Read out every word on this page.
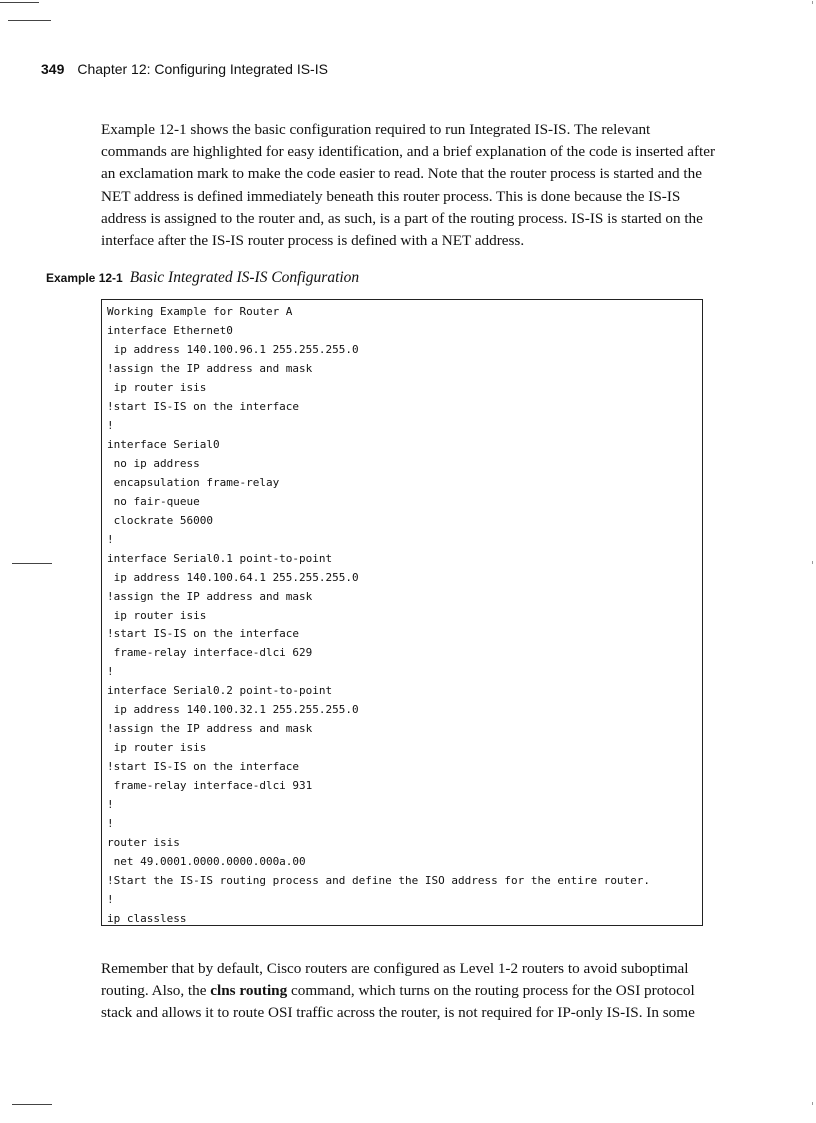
349 Chapter 12: Configuring Integrated IS-IS

Example 12-1 shows the basic configuration required to run Integrated IS-IS. The relevant
commands are highlighted for easy identification, and a brief explanation of the code is inserted after
an exclamation mark to make the code easier to read. Note that the router process is started and the
NET address is defined immediately beneath this router process. This is done because the IS-IS
address is assigned to the router and, as such, is a part of the routing process. IS-IS is started on the
interface after the IS-IS router process is defined with a NET address.

Example 12-1 Basic Integrated IS-IS Configuration
Working Example for Router A
interface Ethernet0
ip address 140.100.96.1 255.255.255.0
!assign the IP address and mask
ip router isis
!start IS-IS on the interface
!
interface Serial0
no ip address
encapsulation frame-relay
no fair-queue
clockrate 56000
!
interface Serial0.1 point-to-point
ip address 140.100.64.1 255.255.255.0
!assign the IP address and mask
ip router isis
!start IS-IS on the interface
frame-relay interface-dlci 629
!
interface Serial0.2 point-to-point
ip address 140.100.32.1 255.255.255.0
!assign the IP address and mask
ip router isis
!start IS-IS on the interface
frame-relay interface-dlci 931
!
!
router isis
net 49.0001.0000.0000.000a.00
!Start the IS-IS routing process and define the ISO address for the entire router.
!
ip classless

Remember that by default, Cisco routers are configured as Level 1-2 routers to avoid suboptimal
routing. Also, the clns routing command, which turns on the routing process for the OSI protocol
stack and allows it to route OSI traffic across the router, is not required for IP-only IS-IS. In some
